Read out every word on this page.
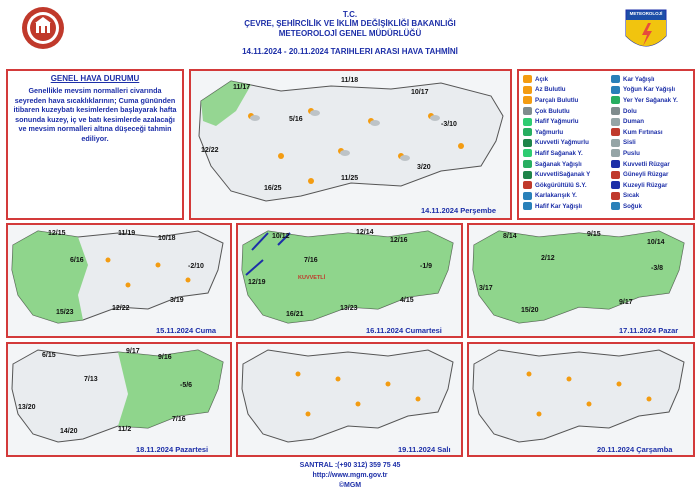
METEOROLOJİ
T.C.
ÇEVRE, ŞEHİRCİLİK VE İKLİM DEĞİŞİKLİĞİ BAKANLIĞI
METEOROLOJİ GENEL MÜDÜRLÜĞÜ
14.11.2024 - 20.11.2024 TARIHLERI ARASI HAVA TAHMİNİ
GENEL HAVA DURUMU
Genellikle mevsim normalleri civarında seyreden hava sıcaklıklarının; Cuma gününden itibaren kuzeybatı kesimlerden başlayarak hafta sonunda kuzey, iç ve batı kesimlerde azalacağı ve mevsim normalleri altına düşeceği tahmin ediliyor.
11/17
11/18
10/17
5/16
-3/10
12/22
3/20
11/25
16/25
14.11.2024 Perşembe
Açık
Az Bulutlu
Parçalı Bulutlu
Çok Bulutlu
Hafif Yağmurlu
Yağmurlu
Kuvvetli Yağmurlu
Hafif Sağanak Y.
Sağanak Yağışlı
KuvvetliSağanak Y
Gökgürültülü S.Y.
Karlakarışık Y.
Hafif Kar Yağışlı
Kar Yağışlı
Yoğun Kar Yağışlı
Yer Yer Sağanak Y.
Dolu
Duman
Kum Fırtınası
Sisli
Puslu
Kuvvetli Rüzgar
Güneyli Rüzgar
Kuzeyli Rüzgar
Sıcak
Soğuk
12/15	11/19
10/18
6/16
-2/10
3/19
12/22
15/23
15.11.2024 Cuma
10/12
12/14
12/16
7/16
-1/9
4/15
12/19
16/21
13/23
KUVVETLİ
16.11.2024 Cumartesi
8/14	9/15
10/14
2/12
-3/8
9/17
3/17
15/20
17.11.2024 Pazar
6/15
9/17
9/16
7/13
-5/6
13/20
7/16
14/20	11/2
18.11.2024 Pazartesi	19.11.2024 Salı	20.11.2024 Çarşamba
SANTRAL :(+90 312) 359 75 45
http://www.mgm.gov.tr
©MGM
